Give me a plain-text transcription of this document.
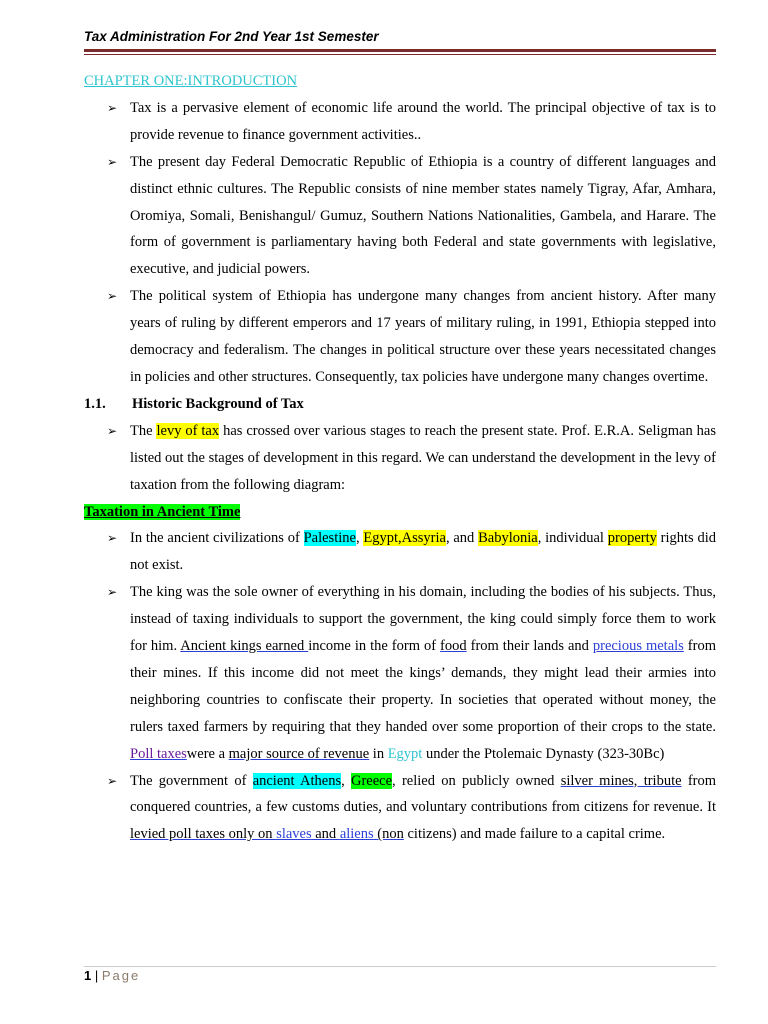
Tax Administration For 2nd Year 1st Semester
CHAPTER ONE:INTRODUCTION
➢ Tax is a pervasive element of economic life around the world. The principal objective of tax is to provide revenue to finance government activities..
➢ The present day Federal Democratic Republic of Ethiopia is a country of different languages and distinct ethnic cultures. The Republic consists of nine member states namely Tigray, Afar, Amhara, Oromiya, Somali, Benishangul/ Gumuz, Southern Nations Nationalities, Gambela, and Harare. The form of government is parliamentary having both Federal and state governments with legislative, executive, and judicial powers.
➢ The political system of Ethiopia has undergone many changes from ancient history. After many years of ruling by different emperors and 17 years of military ruling, in 1991, Ethiopia stepped into democracy and federalism. The changes in political structure over these years necessitated changes in policies and other structures. Consequently, tax policies have undergone many changes overtime.
1.1. Historic Background of Tax
➢ The levy of tax has crossed over various stages to reach the present state. Prof. E.R.A. Seligman has listed out the stages of development in this regard. We can understand the development in the levy of taxation from the following diagram:
Taxation in Ancient Time
➢ In the ancient civilizations of Palestine, Egypt,Assyria, and Babylonia, individual property rights did not exist.
➢ The king was the sole owner of everything in his domain, including the bodies of his subjects. Thus, instead of taxing individuals to support the government, the king could simply force them to work for him. Ancient kings earned income in the form of food from their lands and precious metals from their mines. If this income did not meet the kings’ demands, they might lead their armies into neighboring countries to confiscate their property. In societies that operated without money, the rulers taxed farmers by requiring that they handed over some proportion of their crops to the state. Poll taxeswere a major source of revenue in Egypt under the Ptolemaic Dynasty (323-30Bc)
➢ The government of ancient Athens, Greece, relied on publicly owned silver mines, tribute from conquered countries, a few customs duties, and voluntary contributions from citizens for revenue. It levied poll taxes only on slaves and aliens (non citizens) and made failure to a capital crime.
1 | Page
